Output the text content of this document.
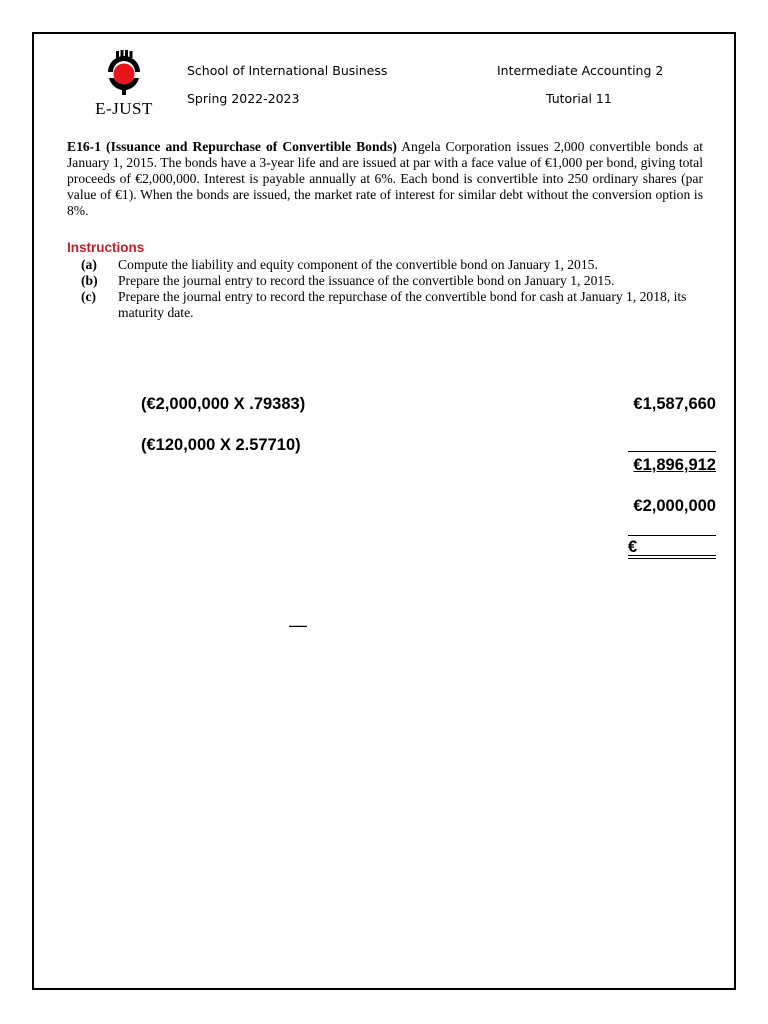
E-JUST
School of International Business
Spring 2022-2023
Intermediate Accounting 2
Tutorial 11
E16-1 (Issuance and Repurchase of Convertible Bonds) Angela Corporation issues 2,000 convertible bonds at January 1, 2015. The bonds have a 3-year life and are issued at par with a face value of €1,000 per bond, giving total proceeds of €2,000,000. Interest is payable annually at 6%. Each bond is convertible into 250 ordinary shares (par value of €1). When the bonds are issued, the market rate of interest for similar debt without the conversion option is 8%.
Instructions
(a) Compute the liability and equity component of the convertible bond on January 1, 2015.
(b) Prepare the journal entry to record the issuance of the convertible bond on January 1, 2015.
(c) Prepare the journal entry to record the repurchase of the convertible bond for cash at January 1, 2018, its maturity date.
(€2,000,000 X .79383)	€1,587,660
(€120,000 X 2.57710)
€1,896,912
€2,000,000
€
—
